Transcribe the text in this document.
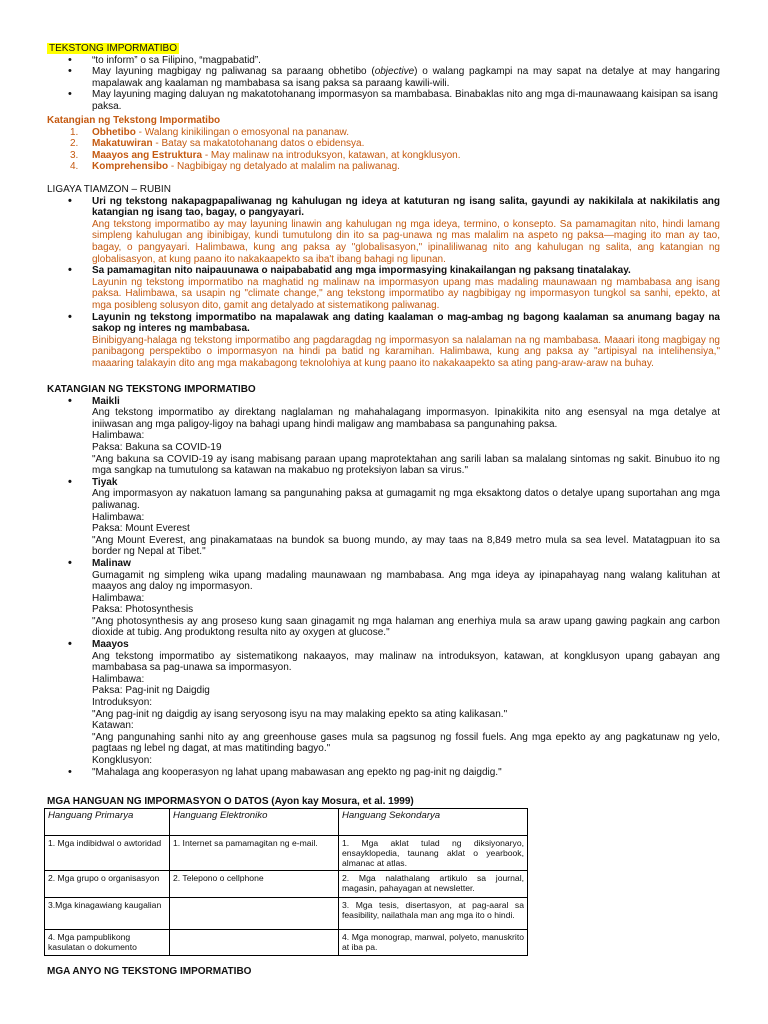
TEKSTONG IMPORMATIBO
• “to inform” o sa Filipino, “magpabatid”.
• May layuning magbigay ng paliwanag sa paraang obhetibo (objective) o walang pagkampi na may sapat na detalye at may hangaring mapalawak ang kaalaman ng mambabasa sa isang paksa sa paraang kawili-wili.
• May layuning maging daluyan ng makatotohanang impormasyon sa mambabasa. Binabaklas nito ang mga di-maunawaang kaisipan sa isang paksa.
Katangian ng Tekstong Impormatibo
1. Obhetibo - Walang kinikilingan o emosyonal na pananaw.
2. Makatuwiran - Batay sa makatotohanang datos o ebidensya.
3. Maayos ang Estruktura - May malinaw na introduksyon, katawan, at kongklusyon.
4. Komprehensibo - Nagbibigay ng detalyado at malalim na paliwanag.
LIGAYA TIAMZON – RUBIN
• Uri ng tekstong nakapagpapaliwanag ng kahulugan ng ideya at katuturan ng isang salita, gayundi ay nakikilala at nakikilatis ang katangian ng isang tao, bagay, o pangyayari.
Ang tekstong impormatibo ay may layuning linawin ang kahulugan ng mga ideya, termino, o konsepto. Sa pamamagitan nito, hindi lamang simpleng kahulugan ang ibinibigay, kundi tumutulong din ito sa pag-unawa ng mas malalim na aspeto ng paksa—maging ito man ay tao, bagay, o pangyayari. Halimbawa, kung ang paksa ay "globalisasyon," ipinaliliwanag nito ang kahulugan ng salita, ang katangian ng globalisasyon, at kung paano ito nakakaapekto sa iba't ibang bahagi ng lipunan.
• Sa pamamagitan nito naipauunawa o naipababatid ang mga impormasying kinakailangan ng paksang tinatalakay.
Layunin ng tekstong impormatibo na maghatid ng malinaw na impormasyon upang mas madaling maunawaan ng mambabasa ang isang paksa. Halimbawa, sa usapin ng "climate change," ang tekstong impormatibo ay nagbibigay ng impormasyon tungkol sa sanhi, epekto, at mga posibleng solusyon dito, gamit ang detalyado at sistematikong paliwanag.
• Layunin ng tekstong impormatibo na mapalawak ang dating kaalaman o mag-ambag ng bagong kaalaman sa anumang bagay na sakop ng interes ng mambabasa.
Binibigyang-halaga ng tekstong impormatibo ang pagdaragdag ng impormasyon sa nalalaman na ng mambabasa. Maaari itong magbigay ng panibagong perspektibo o impormasyon na hindi pa batid ng karamihan. Halimbawa, kung ang paksa ay "artipisyal na intelihensiya," maaaring talakayin dito ang mga makabagong teknolohiya at kung paano ito nakakaapekto sa ating pang-araw-araw na buhay.
KATANGIAN NG TEKSTONG IMPORMATIBO
• Maikli
Ang tekstong impormatibo ay direktang naglalaman ng mahahalagang impormasyon. Ipinakikita nito ang esensyal na mga detalye at iniiwasan ang mga paligoy-ligoy na bahagi upang hindi maligaw ang mambabasa sa pangunahing paksa.
Halimbawa:
Paksa: Bakuna sa COVID-19
"Ang bakuna sa COVID-19 ay isang mabisang paraan upang maprotektahan ang sarili laban sa malalang sintomas ng sakit. Binubuo ito ng mga sangkap na tumutulong sa katawan na makabuo ng proteksiyon laban sa virus."
• Tiyak
Ang impormasyon ay nakatuon lamang sa pangunahing paksa at gumagamit ng mga eksaktong datos o detalye upang suportahan ang mga paliwanag.
Halimbawa:
Paksa: Mount Everest
"Ang Mount Everest, ang pinakamataas na bundok sa buong mundo, ay may taas na 8,849 metro mula sa sea level. Matatagpuan ito sa border ng Nepal at Tibet."
• Malinaw
Gumagamit ng simpleng wika upang madaling maunawaan ng mambabasa. Ang mga ideya ay ipinapahayag nang walang kalituhan at maayos ang daloy ng impormasyon.
Halimbawa:
Paksa: Photosynthesis
"Ang photosynthesis ay ang proseso kung saan ginagamit ng mga halaman ang enerhiya mula sa araw upang gawing pagkain ang carbon dioxide at tubig. Ang produktong resulta nito ay oxygen at glucose."
• Maayos
Ang tekstong impormatibo ay sistematikong nakaayos, may malinaw na introduksyon, katawan, at kongklusyon upang gabayan ang mambabasa sa pag-unawa sa impormasyon.
Halimbawa:
Paksa: Pag-init ng Daigdig
Introduksyon:
"Ang pag-init ng daigdig ay isang seryosong isyu na may malaking epekto sa ating kalikasan."
Katawan:
"Ang pangunahing sanhi nito ay ang greenhouse gases mula sa pagsunog ng fossil fuels. Ang mga epekto ay ang pagkatunaw ng yelo, pagtaas ng lebel ng dagat, at mas matitinding bagyo."
Kongklusyon:
• "Mahalaga ang kooperasyon ng lahat upang mabawasan ang epekto ng pag-init ng daigdig."
MGA HANGUAN NG IMPORMASYON O DATOS (Ayon kay Mosura, et al. 1999)
Hanguang Primarya	Hanguang Elektroniko	Hanguang Sekondarya
1. Mga indibidwal o awtoridad	1. Internet sa pamamagitan ng e-mail.	1. Mga aklat tulad ng diksiyonaryo, ensayklopedia, taunang aklat o yearbook, almanac at atlas.
2. Mga grupo o organisasyon	2. Telepono o cellphone	2. Mga nalathalang artikulo sa journal, magasin, pahayagan at newsletter.
3.Mga kinagawiang kaugalian		3. Mga tesis, disertasyon, at pag-aaral sa feasibility, nailathala man ang mga ito o hindi.
4. Mga pampublikong kasulatan o dokumento		4. Mga monograp, manwal, polyeto, manuskrito at iba pa.
MGA ANYO NG TEKSTONG IMPORMATIBO
